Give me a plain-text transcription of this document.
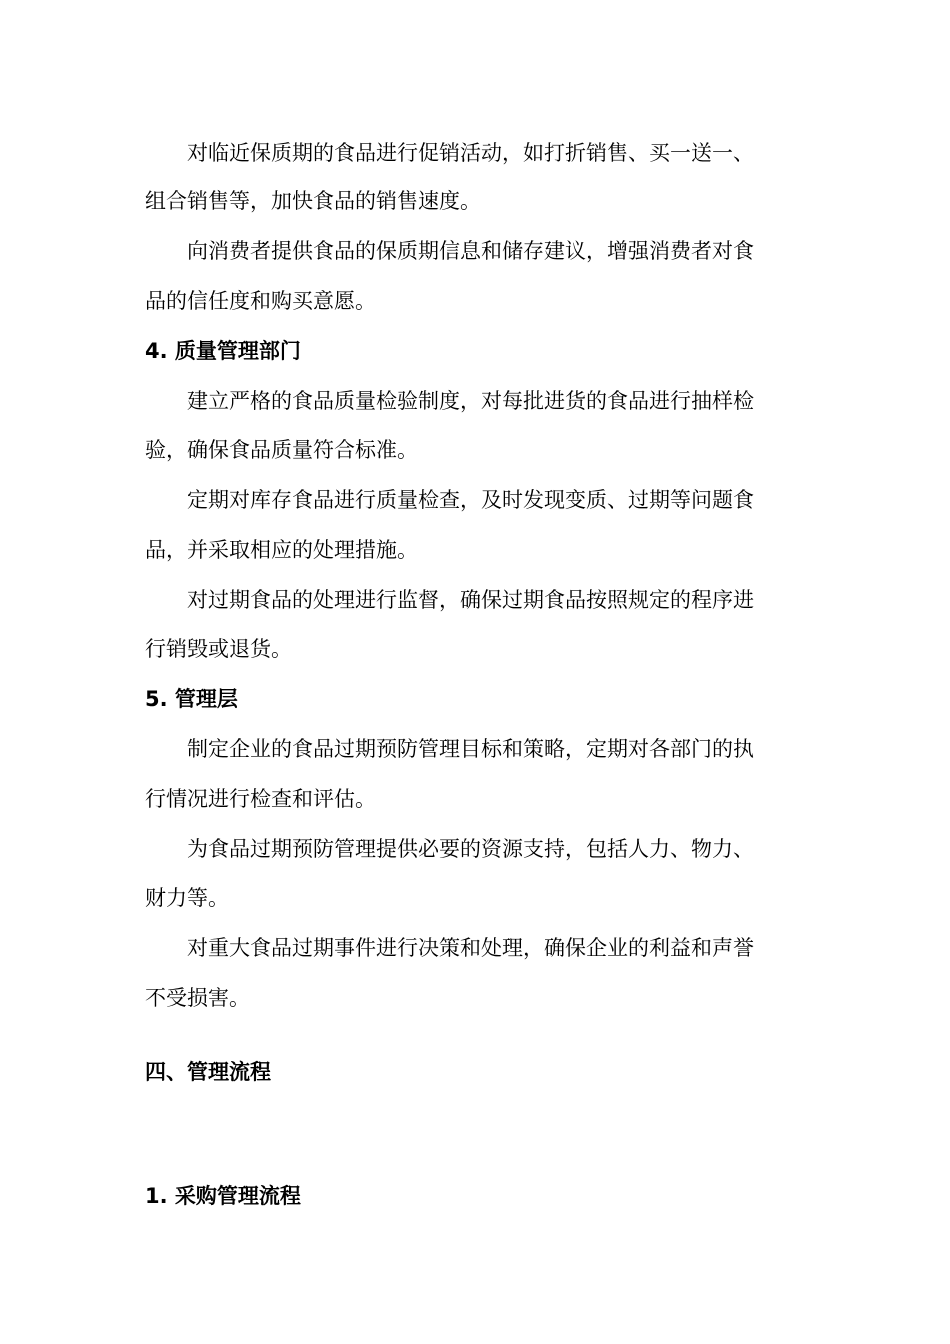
对临近保质期的食品进行促销活动，如打折销售、买一送一、
组合销售等，加快食品的销售速度。
向消费者提供食品的保质期信息和储存建议，增强消费者对食
品的信任度和购买意愿。
4. 质量管理部门
建立严格的食品质量检验制度，对每批进货的食品进行抽样检
验，确保食品质量符合标准。
定期对库存食品进行质量检查，及时发现变质、过期等问题食
品，并采取相应的处理措施。
对过期食品的处理进行监督，确保过期食品按照规定的程序进
行销毁或退货。
5. 管理层
制定企业的食品过期预防管理目标和策略，定期对各部门的执
行情况进行检查和评估。
为食品过期预防管理提供必要的资源支持，包括人力、物力、
财力等。
对重大食品过期事件进行决策和处理，确保企业的利益和声誉
不受损害。
四、管理流程
1. 采购管理流程
